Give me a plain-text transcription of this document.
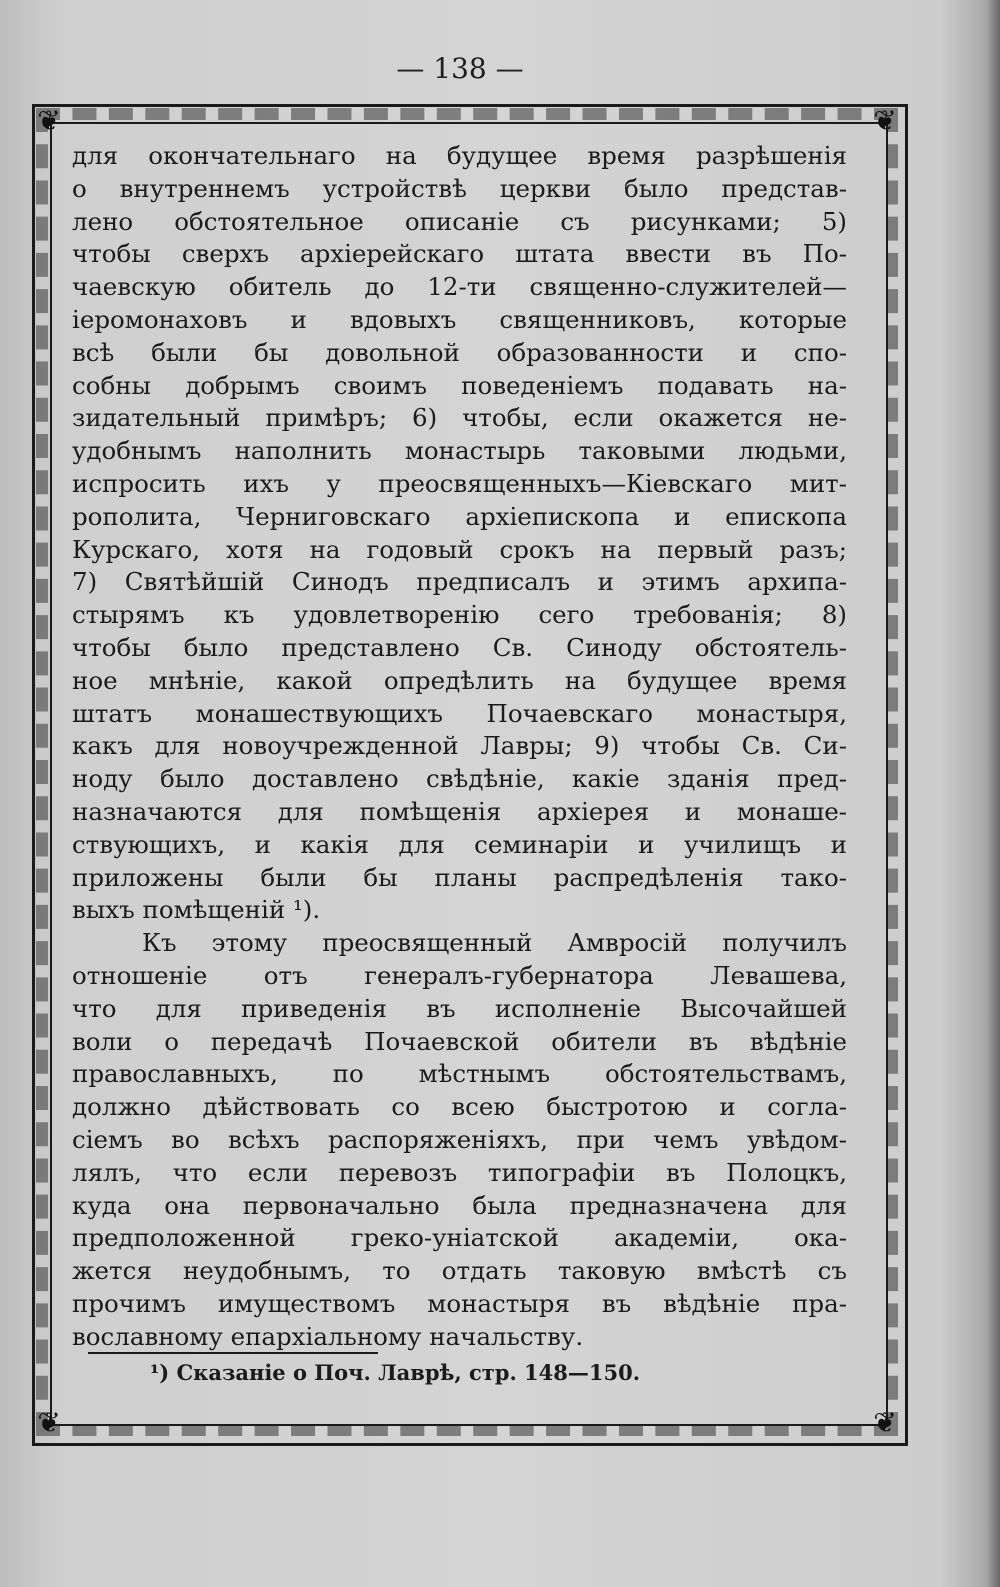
— 138 —
❦	❦
❦	❦
для окончательнаго на будущее время разрѣшенія
о внутреннемъ устройствѣ церкви было представ-
лено обстоятельное описаніе съ рисунками; 5)
чтобы сверхъ архіерейскаго штата ввести въ По-
чаевскую обитель до 12-ти священно-служителей—
іеромонаховъ и вдовыхъ священниковъ, которые
всѣ были бы довольной образованности и спо-
собны добрымъ своимъ поведеніемъ подавать на-
зидательный примѣръ; 6) чтобы, если окажется не-
удобнымъ наполнить монастырь таковыми людьми,
испросить ихъ у преосвященныхъ—Кіевскаго мит-
рополита, Черниговскаго архіепископа и епископа
Курскаго, хотя на годовый срокъ на первый разъ;
7) Святѣйшій Синодъ предписалъ и этимъ архипа-
стырямъ къ удовлетворенію сего требованія; 8)
чтобы было представлено Св. Синоду обстоятель-
ное мнѣніе, какой опредѣлить на будущее время
штатъ монашествующихъ Почаевскаго монастыря,
какъ для новоучрежденной Лавры; 9) чтобы Св. Си-
ноду было доставлено свѣдѣніе, какіе зданія пред-
назначаются для помѣщенія архіерея и монаше-
ствующихъ, и какія для семинаріи и училищъ и
приложены были бы планы распредѣленія тако-
выхъ помѣщеній ¹).
Къ этому преосвященный Амвросій получилъ
отношеніе отъ генералъ-губернатора Левашева,
что для приведенія въ исполненіе Высочайшей
воли о передачѣ Почаевской обители въ вѣдѣніе
православныхъ, по мѣстнымъ обстоятельствамъ,
должно дѣйствовать со всею быстротою и согла-
сіемъ во всѣхъ распоряженіяхъ, при чемъ увѣдом-
лялъ, что если перевозъ типографіи въ Полоцкъ,
куда она первоначально была предназначена для
предположенной греко-уніатской академіи, ока-
жется неудобнымъ, то отдать таковую вмѣстѣ съ
прочимъ имуществомъ монастыря въ вѣдѣніе пра-
вославному епархіальному начальству.
¹) Сказаніе о Поч. Лаврѣ, стр. 148—150.
